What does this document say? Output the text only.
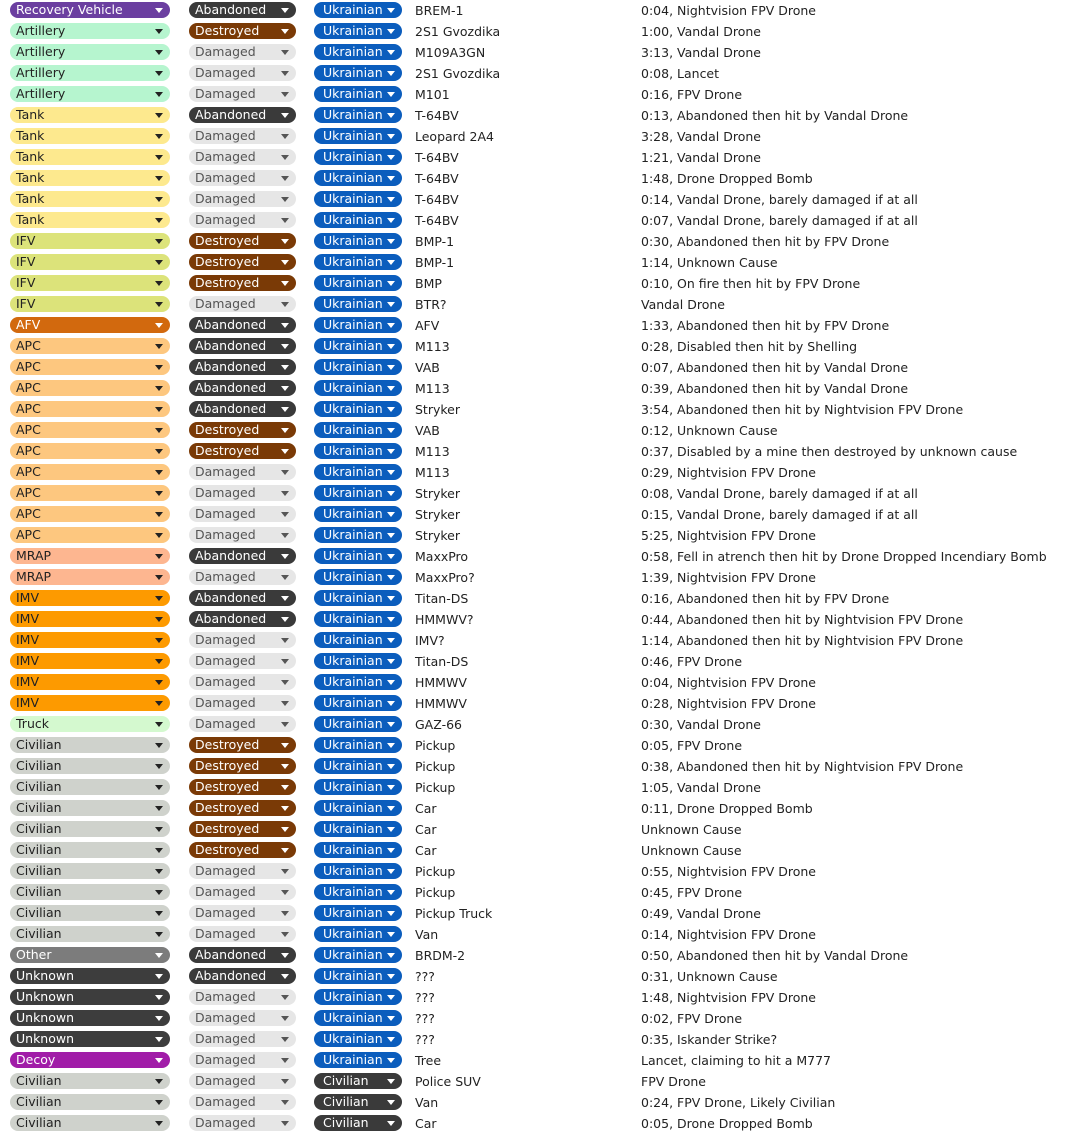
Recovery Vehicle	Abandoned	Ukrainian	BREM-1	0:04, Nightvision FPV Drone
Artillery	Destroyed	Ukrainian	2S1 Gvozdika	1:00, Vandal Drone
Artillery	Damaged	Ukrainian	M109A3GN	3:13, Vandal Drone
Artillery	Damaged	Ukrainian	2S1 Gvozdika	0:08, Lancet
Artillery	Damaged	Ukrainian	M101	0:16, FPV Drone
Tank	Abandoned	Ukrainian	T-64BV	0:13, Abandoned then hit by Vandal Drone
Tank	Damaged	Ukrainian	Leopard 2A4	3:28, Vandal Drone
Tank	Damaged	Ukrainian	T-64BV	1:21, Vandal Drone
Tank	Damaged	Ukrainian	T-64BV	1:48, Drone Dropped Bomb
Tank	Damaged	Ukrainian	T-64BV	0:14, Vandal Drone, barely damaged if at all
Tank	Damaged	Ukrainian	T-64BV	0:07, Vandal Drone, barely damaged if at all
IFV	Destroyed	Ukrainian	BMP-1	0:30, Abandoned then hit by FPV Drone
IFV	Destroyed	Ukrainian	BMP-1	1:14, Unknown Cause
IFV	Destroyed	Ukrainian	BMP	0:10, On fire then hit by FPV Drone
IFV	Damaged	Ukrainian	BTR?	Vandal Drone
AFV	Abandoned	Ukrainian	AFV	1:33, Abandoned then hit by FPV Drone
APC	Abandoned	Ukrainian	M113	0:28, Disabled then hit by Shelling
APC	Abandoned	Ukrainian	VAB	0:07, Abandoned then hit by Vandal Drone
APC	Abandoned	Ukrainian	M113	0:39, Abandoned then hit by Vandal Drone
APC	Abandoned	Ukrainian	Stryker	3:54, Abandoned then hit by Nightvision FPV Drone
APC	Destroyed	Ukrainian	VAB	0:12, Unknown Cause
APC	Destroyed	Ukrainian	M113	0:37, Disabled by a mine then destroyed by unknown cause
APC	Damaged	Ukrainian	M113	0:29, Nightvision FPV Drone
APC	Damaged	Ukrainian	Stryker	0:08, Vandal Drone, barely damaged if at all
APC	Damaged	Ukrainian	Stryker	0:15, Vandal Drone, barely damaged if at all
APC	Damaged	Ukrainian	Stryker	5:25, Nightvision FPV Drone
MRAP	Abandoned	Ukrainian	MaxxPro	0:58, Fell in atrench then hit by Drone Dropped Incendiary Bomb
MRAP	Damaged	Ukrainian	MaxxPro?	1:39, Nightvision FPV Drone
IMV	Abandoned	Ukrainian	Titan-DS	0:16, Abandoned then hit by FPV Drone
IMV	Abandoned	Ukrainian	HMMWV?	0:44, Abandoned then hit by Nightvision FPV Drone
IMV	Damaged	Ukrainian	IMV?	1:14, Abandoned then hit by Nightvision FPV Drone
IMV	Damaged	Ukrainian	Titan-DS	0:46, FPV Drone
IMV	Damaged	Ukrainian	HMMWV	0:04, Nightvision FPV Drone
IMV	Damaged	Ukrainian	HMMWV	0:28, Nightvision FPV Drone
Truck	Damaged	Ukrainian	GAZ-66	0:30, Vandal Drone
Civilian	Destroyed	Ukrainian	Pickup	0:05, FPV Drone
Civilian	Destroyed	Ukrainian	Pickup	0:38, Abandoned then hit by Nightvision FPV Drone
Civilian	Destroyed	Ukrainian	Pickup	1:05, Vandal Drone
Civilian	Destroyed	Ukrainian	Car	0:11, Drone Dropped Bomb
Civilian	Destroyed	Ukrainian	Car	Unknown Cause
Civilian	Destroyed	Ukrainian	Car	Unknown Cause
Civilian	Damaged	Ukrainian	Pickup	0:55, Nightvision FPV Drone
Civilian	Damaged	Ukrainian	Pickup	0:45, FPV Drone
Civilian	Damaged	Ukrainian	Pickup Truck	0:49, Vandal Drone
Civilian	Damaged	Ukrainian	Van	0:14, Nightvision FPV Drone
Other	Abandoned	Ukrainian	BRDM-2	0:50, Abandoned then hit by Vandal Drone
Unknown	Abandoned	Ukrainian	???	0:31, Unknown Cause
Unknown	Damaged	Ukrainian	???	1:48, Nightvision FPV Drone
Unknown	Damaged	Ukrainian	???	0:02, FPV Drone
Unknown	Damaged	Ukrainian	???	0:35, Iskander Strike?
Decoy	Damaged	Ukrainian	Tree	Lancet, claiming to hit a M777
Civilian	Damaged	Civilian	Police SUV	FPV Drone
Civilian	Damaged	Civilian	Van	0:24, FPV Drone, Likely Civilian
Civilian	Damaged	Civilian	Car	0:05, Drone Dropped Bomb
